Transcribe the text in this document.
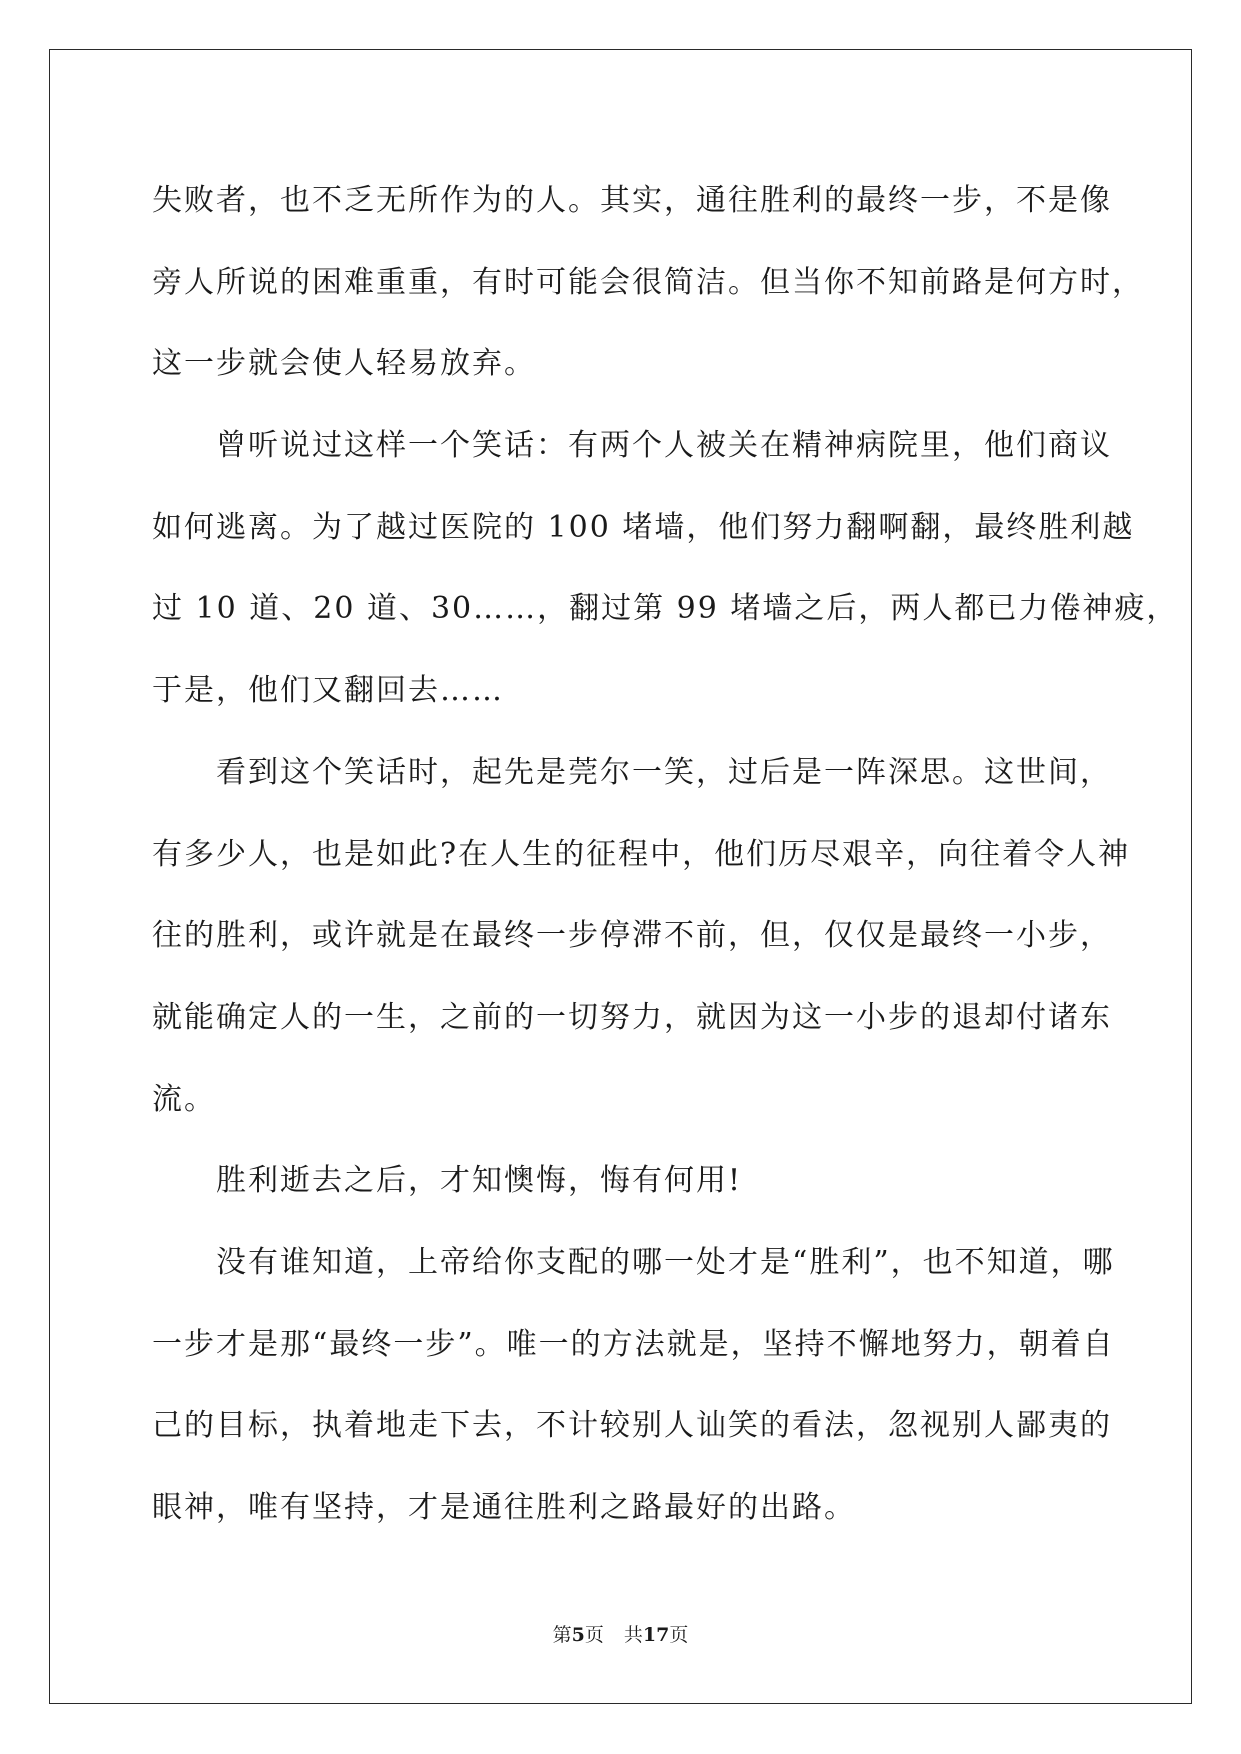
失败者，也不乏无所作为的人。其实，通往胜利的最终一步，不是像
旁人所说的困难重重，有时可能会很简洁。但当你不知前路是何方时，
这一步就会使人轻易放弃。
曾听说过这样一个笑话：有两个人被关在精神病院里，他们商议
如何逃离。为了越过医院的 100 堵墙，他们努力翻啊翻，最终胜利越
过 10 道、20 道、30……，翻过第 99 堵墙之后，两人都已力倦神疲，
于是，他们又翻回去……
看到这个笑话时，起先是莞尔一笑，过后是一阵深思。这世间，
有多少人，也是如此?在人生的征程中，他们历尽艰辛，向往着令人神
往的胜利，或许就是在最终一步停滞不前，但，仅仅是最终一小步，
就能确定人的一生，之前的一切努力，就因为这一小步的退却付诸东
流。
胜利逝去之后，才知懊悔，悔有何用!
没有谁知道，上帝给你支配的哪一处才是“胜利”，也不知道，哪
一步才是那“最终一步”。唯一的方法就是，坚持不懈地努力，朝着自
己的目标，执着地走下去，不计较别人讪笑的看法，忽视别人鄙夷的
眼神，唯有坚持，才是通往胜利之路最好的出路。
第5页 共17页
